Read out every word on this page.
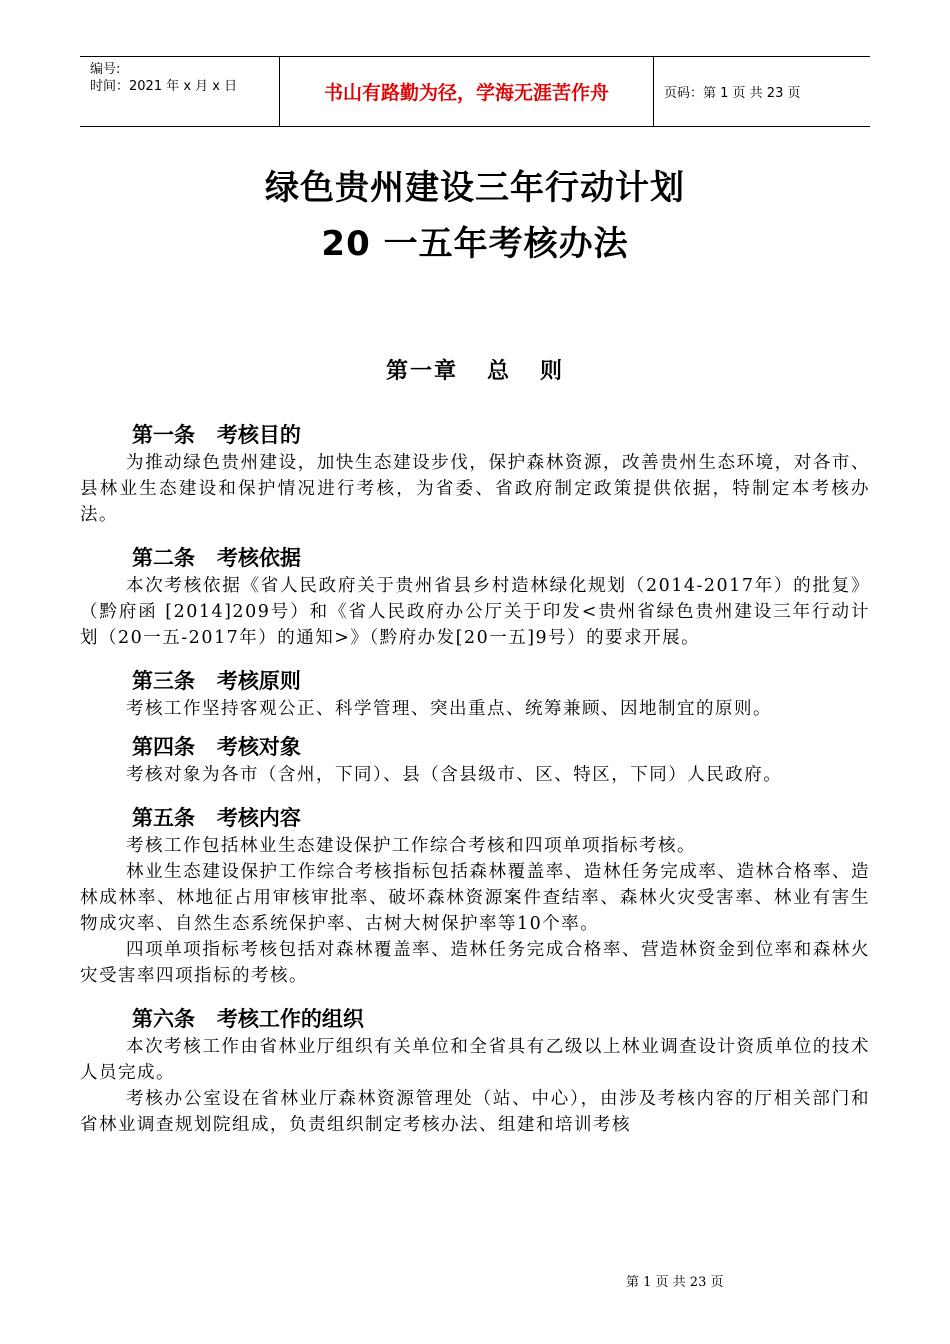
编号:
时间：2021 年 x 月 x 日	书山有路勤为径，学海无涯苦作舟	页码：第 1 页 共 23 页
绿色贵州建设三年行动计划
20 一五年考核办法
第一章   总   则
第一条   考核目的

为推动绿色贵州建设，加快生态建设步伐，保护森林资源，改善贵州生态环境，对各市、县林业生态建设和保护情况进行考核，为省委、省政府制定政策提供依据，特制定本考核办法。

第二条   考核依据

本次考核依据《省人民政府关于贵州省县乡村造林绿化规划（2014-2017年）的批复》（黔府函 [2014]209号）和《省人民政府办公厅关于印发<贵州省绿色贵州建设三年行动计划（20一五-2017年）的通知>》（黔府办发[20一五]9号）的要求开展。

第三条   考核原则

考核工作坚持客观公正、科学管理、突出重点、统筹兼顾、因地制宜的原则。

第四条   考核对象

考核对象为各市（含州，下同）、县（含县级市、区、特区，下同）人民政府。

第五条   考核内容

考核工作包括林业生态建设保护工作综合考核和四项单项指标考核。

林业生态建设保护工作综合考核指标包括森林覆盖率、造林任务完成率、造林合格率、造林成林率、林地征占用审核审批率、破坏森林资源案件查结率、森林火灾受害率、林业有害生物成灾率、自然生态系统保护率、古树大树保护率等10个率。

四项单项指标考核包括对森林覆盖率、造林任务完成合格率、营造林资金到位率和森林火灾受害率四项指标的考核。

第六条   考核工作的组织

本次考核工作由省林业厅组织有关单位和全省具有乙级以上林业调查设计资质单位的技术人员完成。

考核办公室设在省林业厅森林资源管理处（站、中心），由涉及考核内容的厅相关部门和省林业调查规划院组成，负责组织制定考核办法、组建和培训考核

第 1 页 共 23 页
